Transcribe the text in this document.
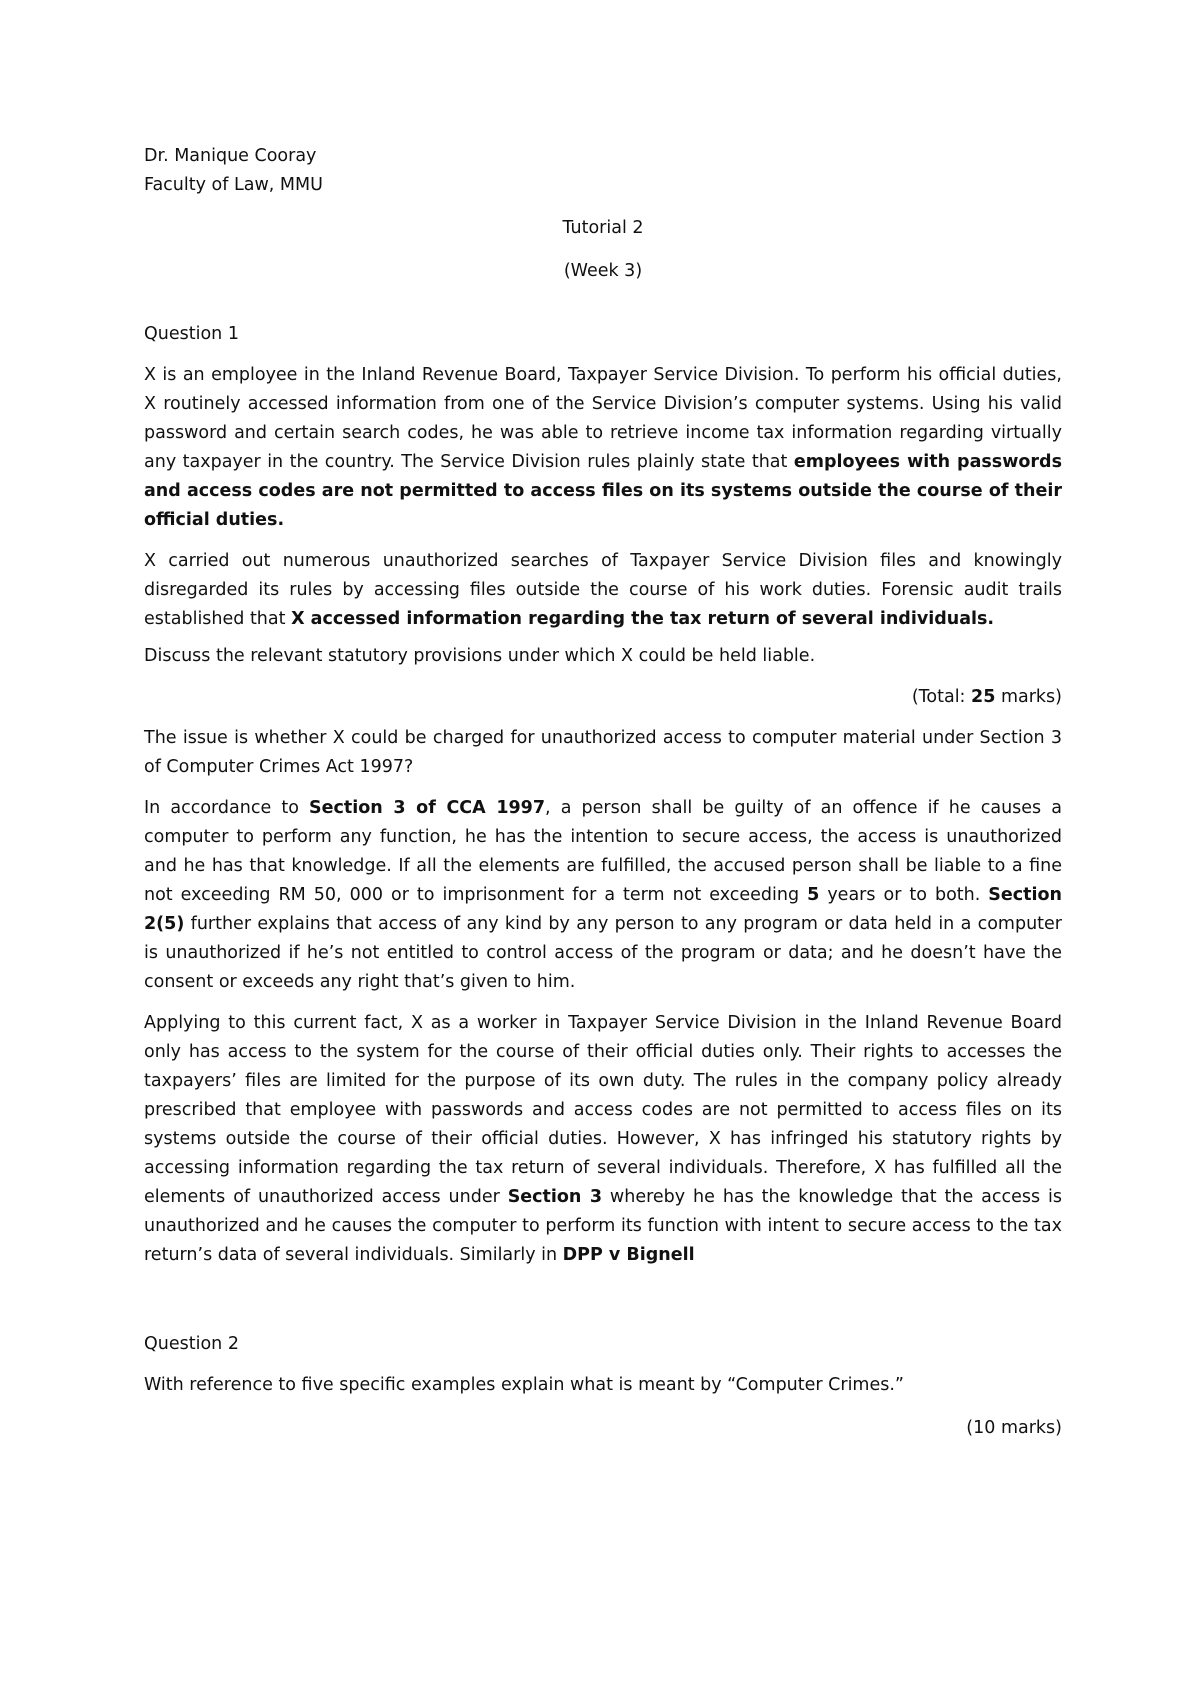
Dr. Manique Cooray
Faculty of Law, MMU
Tutorial 2
(Week 3)
Question 1

X is an employee in the Inland Revenue Board, Taxpayer Service Division. To perform his official duties, X routinely accessed information from one of the Service Division’s computer systems. Using his valid password and certain search codes, he was able to retrieve income tax information regarding virtually any taxpayer in the country. The Service Division rules plainly state that employees with passwords and access codes are not permitted to access files on its systems outside the course of their official duties.

X carried out numerous unauthorized searches of Taxpayer Service Division files and knowingly disregarded its rules by accessing files outside the course of his work duties. Forensic audit trails established that X accessed information regarding the tax return of several individuals.

Discuss the relevant statutory provisions under which X could be held liable.

(Total: 25 marks)

The issue is whether X could be charged for unauthorized access to computer material under Section 3 of Computer Crimes Act 1997?

In accordance to Section 3 of CCA 1997, a person shall be guilty of an offence if he causes a computer to perform any function, he has the intention to secure access, the access is unauthorized and he has that knowledge. If all the elements are fulfilled, the accused person shall be liable to a fine not exceeding RM 50, 000 or to imprisonment for a term not exceeding 5 years or to both. Section 2(5) further explains that access of any kind by any person to any program or data held in a computer is unauthorized if he’s not entitled to control access of the program or data; and he doesn’t have the consent or exceeds any right that’s given to him.

Applying to this current fact, X as a worker in Taxpayer Service Division in the Inland Revenue Board only has access to the system for the course of their official duties only. Their rights to accesses the taxpayers’ files are limited for the purpose of its own duty. The rules in the company policy already prescribed that employee with passwords and access codes are not permitted to access files on its systems outside the course of their official duties. However, X has infringed his statutory rights by accessing information regarding the tax return of several individuals. Therefore, X has fulfilled all the elements of unauthorized access under Section 3 whereby he has the knowledge that the access is unauthorized and he causes the computer to perform its function with intent to secure access to the tax return’s data of several individuals. Similarly in DPP v Bignell

Question 2

With reference to five specific examples explain what is meant by “Computer Crimes.”

(10 marks)
